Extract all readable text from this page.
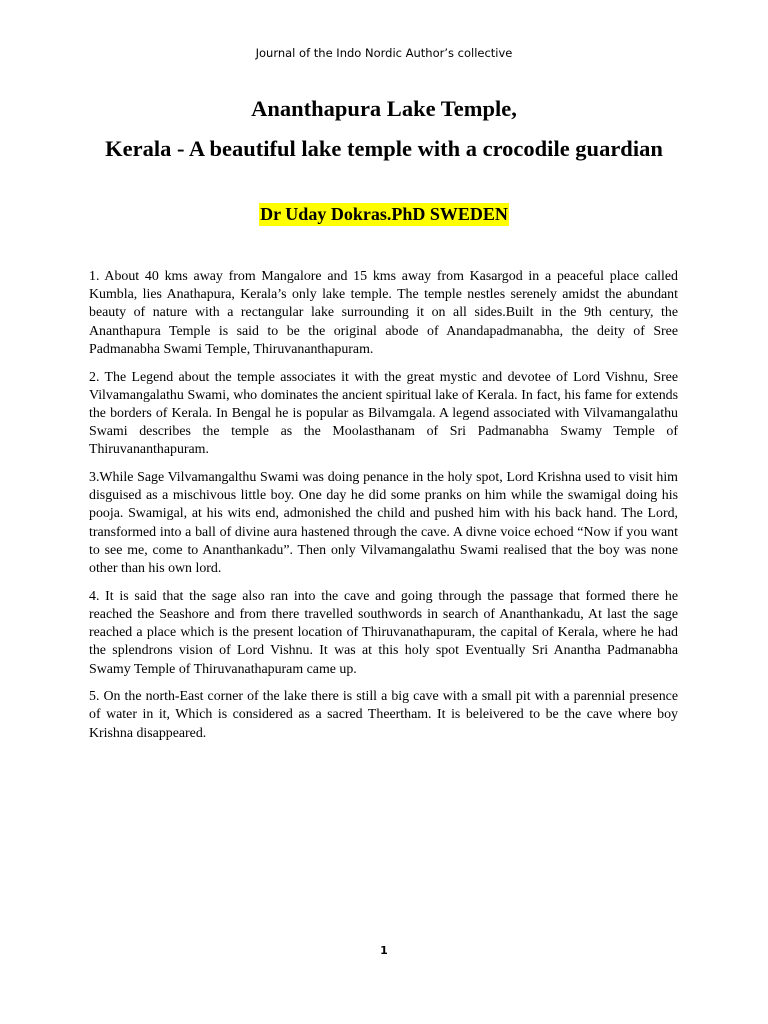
Journal of the Indo Nordic Author’s collective
Ananthapura Lake Temple,
Kerala - A beautiful lake temple with a crocodile guardian
Dr Uday Dokras.PhD SWEDEN

1. About 40 kms away from Mangalore and 15 kms away from Kasargod in a peaceful place called Kumbla, lies Anathapura, Kerala’s only lake temple. The temple nestles serenely amidst the abundant beauty of nature with a rectangular lake surrounding it on all sides.Built in the 9th century, the Ananthapura Temple is said to be the original abode of Anandapadmanabha, the deity of Sree Padmanabha Swami Temple, Thiruvananthapuram.

2. The Legend about the temple associates it with the great mystic and devotee of Lord Vishnu, Sree Vilvamangalathu Swami, who dominates the ancient spiritual lake of Kerala. In fact, his fame for extends the borders of Kerala. In Bengal he is popular as Bilvamgala. A legend associated with Vilvamangalathu Swami describes the temple as the Moolasthanam of Sri Padmanabha Swamy Temple of Thiruvananthapuram.

3.While Sage Vilvamangalthu Swami was doing penance in the holy spot, Lord Krishna used to visit him disguised as a mischivous little boy. One day he did some pranks on him while the swamigal doing his pooja. Swamigal, at his wits end, admonished the child and pushed him with his back hand. The Lord, transformed into a ball of divine aura hastened through the cave. A divne voice echoed “Now if you want to see me, come to Ananthankadu”. Then only Vilvamangalathu Swami realised that the boy was none other than his own lord.

4. It is said that the sage also ran into the cave and going through the passage that formed there he reached the Seashore and from there travelled southwords in search of Ananthankadu, At last the sage reached a place which is the present location of Thiruvanathapuram, the capital of Kerala, where he had the splendrons vision of Lord Vishnu. It was at this holy spot Eventually Sri Anantha Padmanabha Swamy Temple of Thiruvanathapuram came up.

5. On the north-East corner of the lake there is still a big cave with a small pit with a parennial presence of water in it, Which is considered as a sacred Theertham. It is beleivered to be the cave where boy Krishna disappeared.

1
